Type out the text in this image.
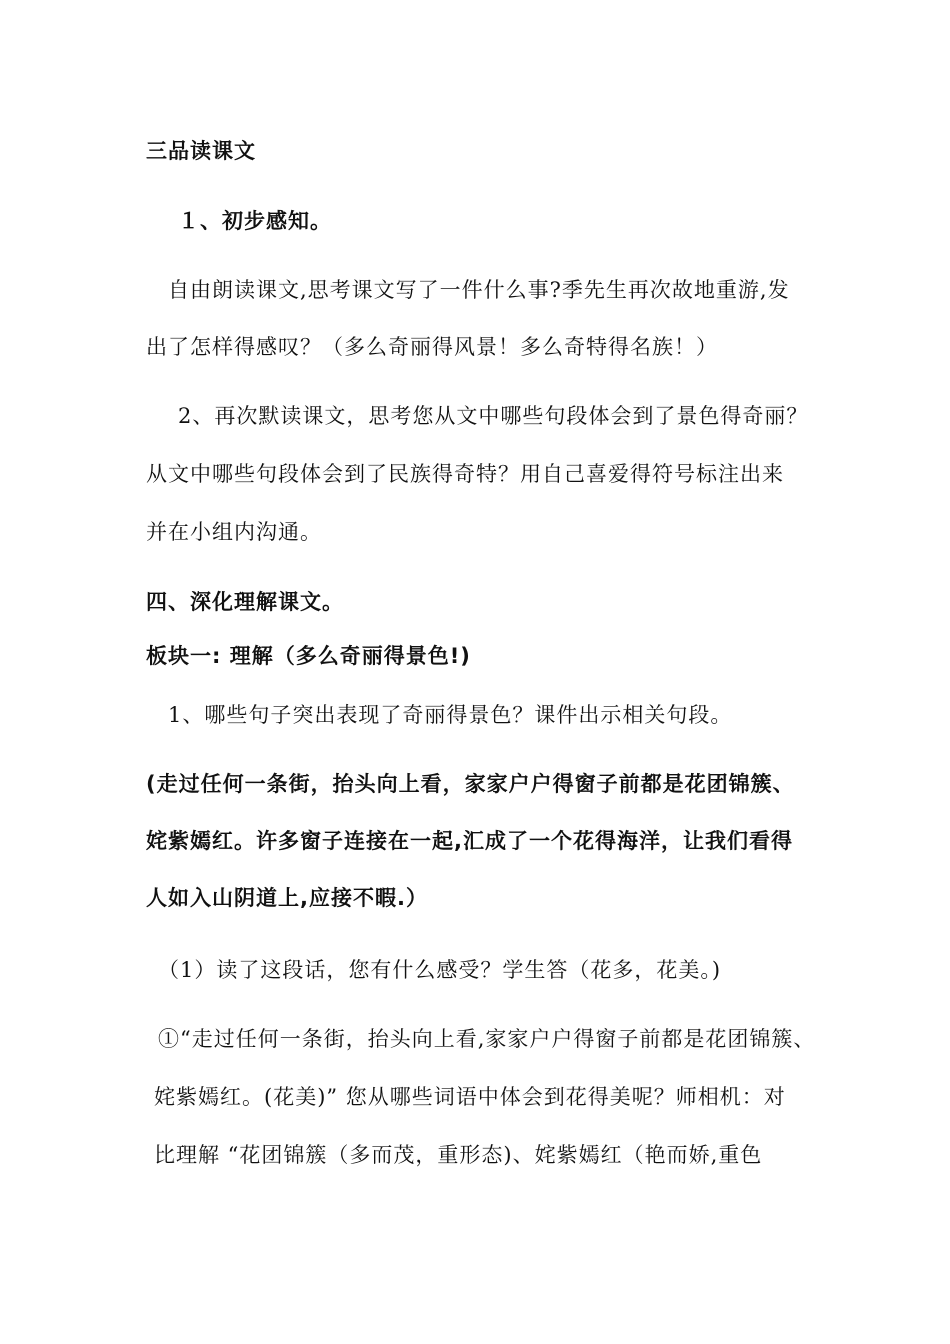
三品读课文
１、初步感知。
自由朗读课文,思考课文写了一件什么事?季先生再次故地重游,发
出了怎样得感叹？（多么奇丽得风景！多么奇特得名族！）
2、再次默读课文，思考您从文中哪些句段体会到了景色得奇丽？
从文中哪些句段体会到了民族得奇特？用自己喜爱得符号标注出来
并在小组内沟通。
四、深化理解课文。
板块一: 理解（多么奇丽得景色!)
1、哪些句子突出表现了奇丽得景色？课件出示相关句段。
(走过任何一条街，抬头向上看，家家户户得窗子前都是花团锦簇、
姹紫嫣红。许多窗子连接在一起,汇成了一个花得海洋，让我们看得
人如入山阴道上,应接不暇.）
（1）读了这段话，您有什么感受？学生答（花多，花美。)
①“走过任何一条街，抬头向上看,家家户户得窗子前都是花团锦簇、
姹紫嫣红。(花美)” 您从哪些词语中体会到花得美呢？师相机：对
比理解 “花团锦簇（多而茂，重形态)、姹紫嫣红（艳而娇,重色
